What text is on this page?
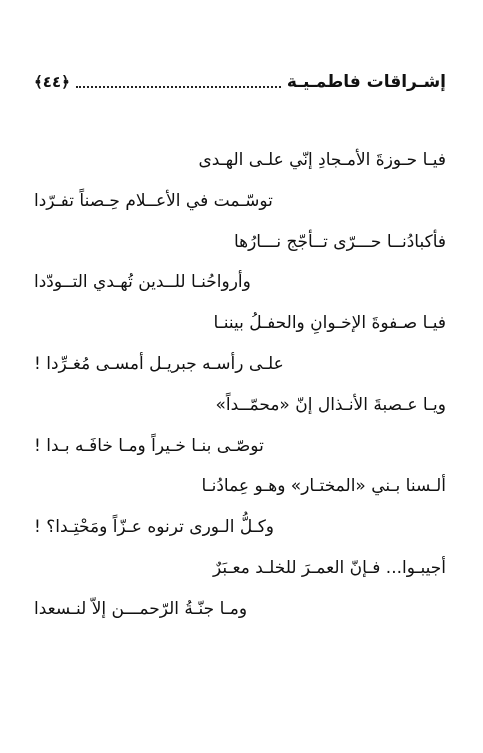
إشـراقات فاطمـيـة
﴿٤٤﴾
فيـا حـوزةَ الأمـجادِ إنّي علـى الهـدى
توسّـمت في الأعــلام حِـصناً تفـرّدا
فأكبادُنــا حـــرّى تــأجّج نـــارُها
وأرواحُنـا للــدين تُهـدي التــودّدا
فيـا صـفوةَ الإخـوانِ والحفـلُ بيننـا
علـى رأسـه جبريـل أمسـى مُغـرِّدا !
ويـا عـصبةَ الأنـذال إنّ «محمّــداً»
توصّـى بنـا خـيراً ومـا خافَـه بـدا !
ألـسنا بـني «المختـار» وهـو عِمادُنـا
وكـلُّ الـورى ترنوه عـزّاً ومَحْتِـدا؟ !
أجيبـوا... فـإنّ العمـرَ للخلـد معـبَرٌ
ومـا جنّـةُ الرّحمـــن إلاّ لنـسعدا
